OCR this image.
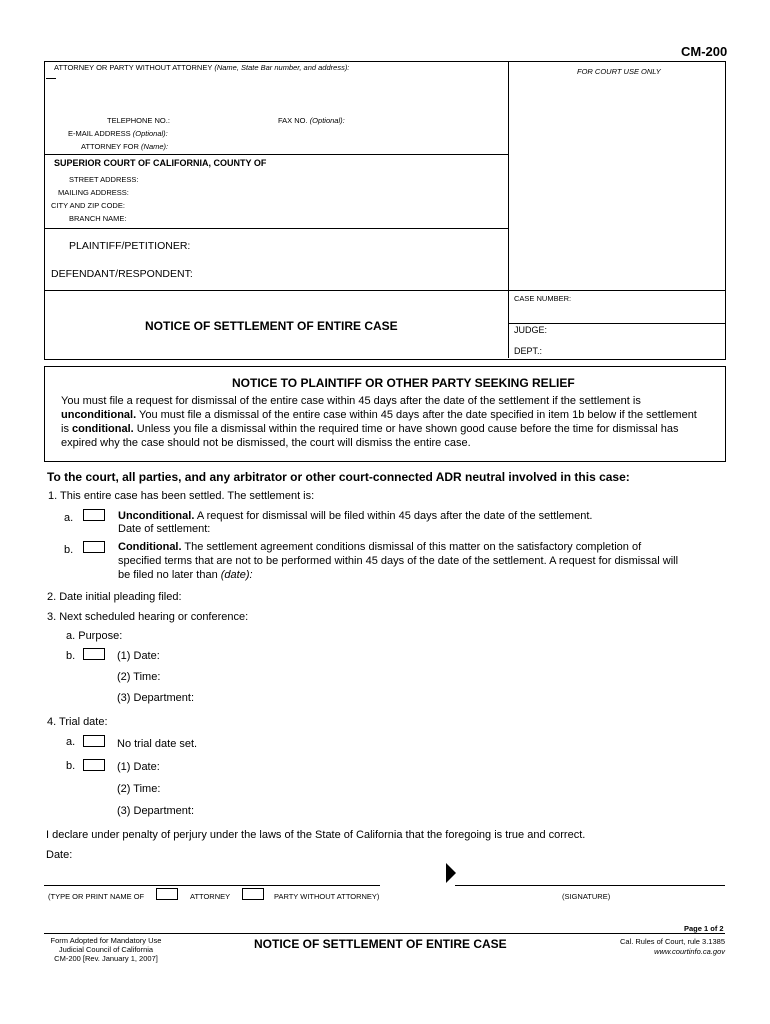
CM-200
ATTORNEY OR PARTY WITHOUT ATTORNEY (Name, State Bar number, and address):	FOR COURT USE ONLY
TELEPHONE NO.:	FAX NO. (Optional):
E-MAIL ADDRESS (Optional):
ATTORNEY FOR (Name):
SUPERIOR COURT OF CALIFORNIA, COUNTY OF
STREET ADDRESS:
MAILING ADDRESS:
CITY AND ZIP CODE:
BRANCH NAME:
PLAINTIFF/PETITIONER:
DEFENDANT/RESPONDENT:
NOTICE OF SETTLEMENT OF ENTIRE CASE
CASE NUMBER:
JUDGE:
DEPT.:
NOTICE TO PLAINTIFF OR OTHER PARTY SEEKING RELIEF

You must file a request for dismissal of the entire case within 45 days after the date of the settlement if the settlement is
unconditional. You must file a dismissal of the entire case within 45 days after the date specified in item 1b below if the settlement
is conditional. Unless you file a dismissal within the required time or have shown good cause before the time for dismissal has
expired why the case should not be dismissed, the court will dismiss the entire case.

To the court, all parties, and any arbitrator or other court-connected ADR neutral involved in this case:
1. This entire case has been settled. The settlement is:
a.	Unconditional. A request for dismissal will be filed within 45 days after the date of the settlement.
Date of settlement:
b.	Conditional. The settlement agreement conditions dismissal of this matter on the satisfactory completion of
specified terms that are not to be performed within 45 days of the date of the settlement. A request for dismissal will
be filed no later than (date):

2. Date initial pleading filed:
3. Next scheduled hearing or conference:
a. Purpose:
b.	(1) Date:
(2) Time:
(3) Department:
4. Trial date:
a.	No trial date set.
b.	(1) Date:
(2) Time:
(3) Department:
I declare under penalty of perjury under the laws of the State of California that the foregoing is true and correct.
Date:
(TYPE OR PRINT NAME OF	ATTORNEY	PARTY WITHOUT ATTORNEY)	(SIGNATURE)
Page 1 of 2
Form Adopted for Mandatory Use
Judicial Council of California
CM-200 [Rev. January 1, 2007]
NOTICE OF SETTLEMENT OF ENTIRE CASE	Cal. Rules of Court, rule 3.1385
www.courtinfo.ca.gov
